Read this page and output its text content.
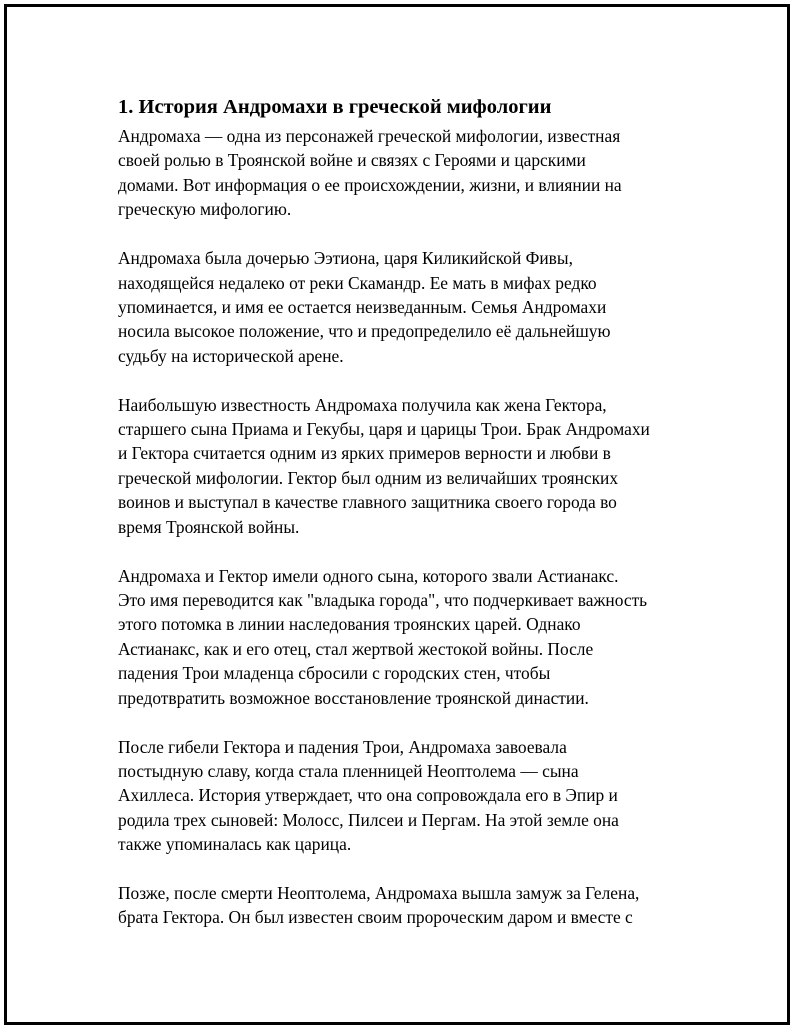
1. История Андромахи в греческой мифологии
Андромаха — одна из персонажей греческой мифологии, известная
своей ролью в Троянской войне и связях с Героями и царскими
домами. Вот информация о ее происхождении, жизни, и влиянии на
греческую мифологию.
Андромаха была дочерью Ээтиона, царя Киликийской Фивы,
находящейся недалеко от реки Скамандр. Ее мать в мифах редко
упоминается, и имя ее остается неизведанным. Семья Андромахи
носила высокое положение, что и предопределило её дальнейшую
судьбу на исторической арене.
Наибольшую известность Андромаха получила как жена Гектора,
старшего сына Приама и Гекубы, царя и царицы Трои. Брак Андромахи
и Гектора считается одним из ярких примеров верности и любви в
греческой мифологии. Гектор был одним из величайших троянских
воинов и выступал в качестве главного защитника своего города во
время Троянской войны.
Андромаха и Гектор имели одного сына, которого звали Астианакс.
Это имя переводится как "владыка города", что подчеркивает важность
этого потомка в линии наследования троянских царей. Однако
Астианакс, как и его отец, стал жертвой жестокой войны. После
падения Трои младенца сбросили с городских стен, чтобы
предотвратить возможное восстановление троянской династии.
После гибели Гектора и падения Трои, Андромаха завоевала
постыдную славу, когда стала пленницей Неоптолема — сына
Ахиллеса. История утверждает, что она сопровождала его в Эпир и
родила трех сыновей: Молосс, Пилсеи и Пергам. На этой земле она
также упоминалась как царица.
Позже, после смерти Неоптолема, Андромаха вышла замуж за Гелена,
брата Гектора. Он был известен своим пророческим даром и вместе с
